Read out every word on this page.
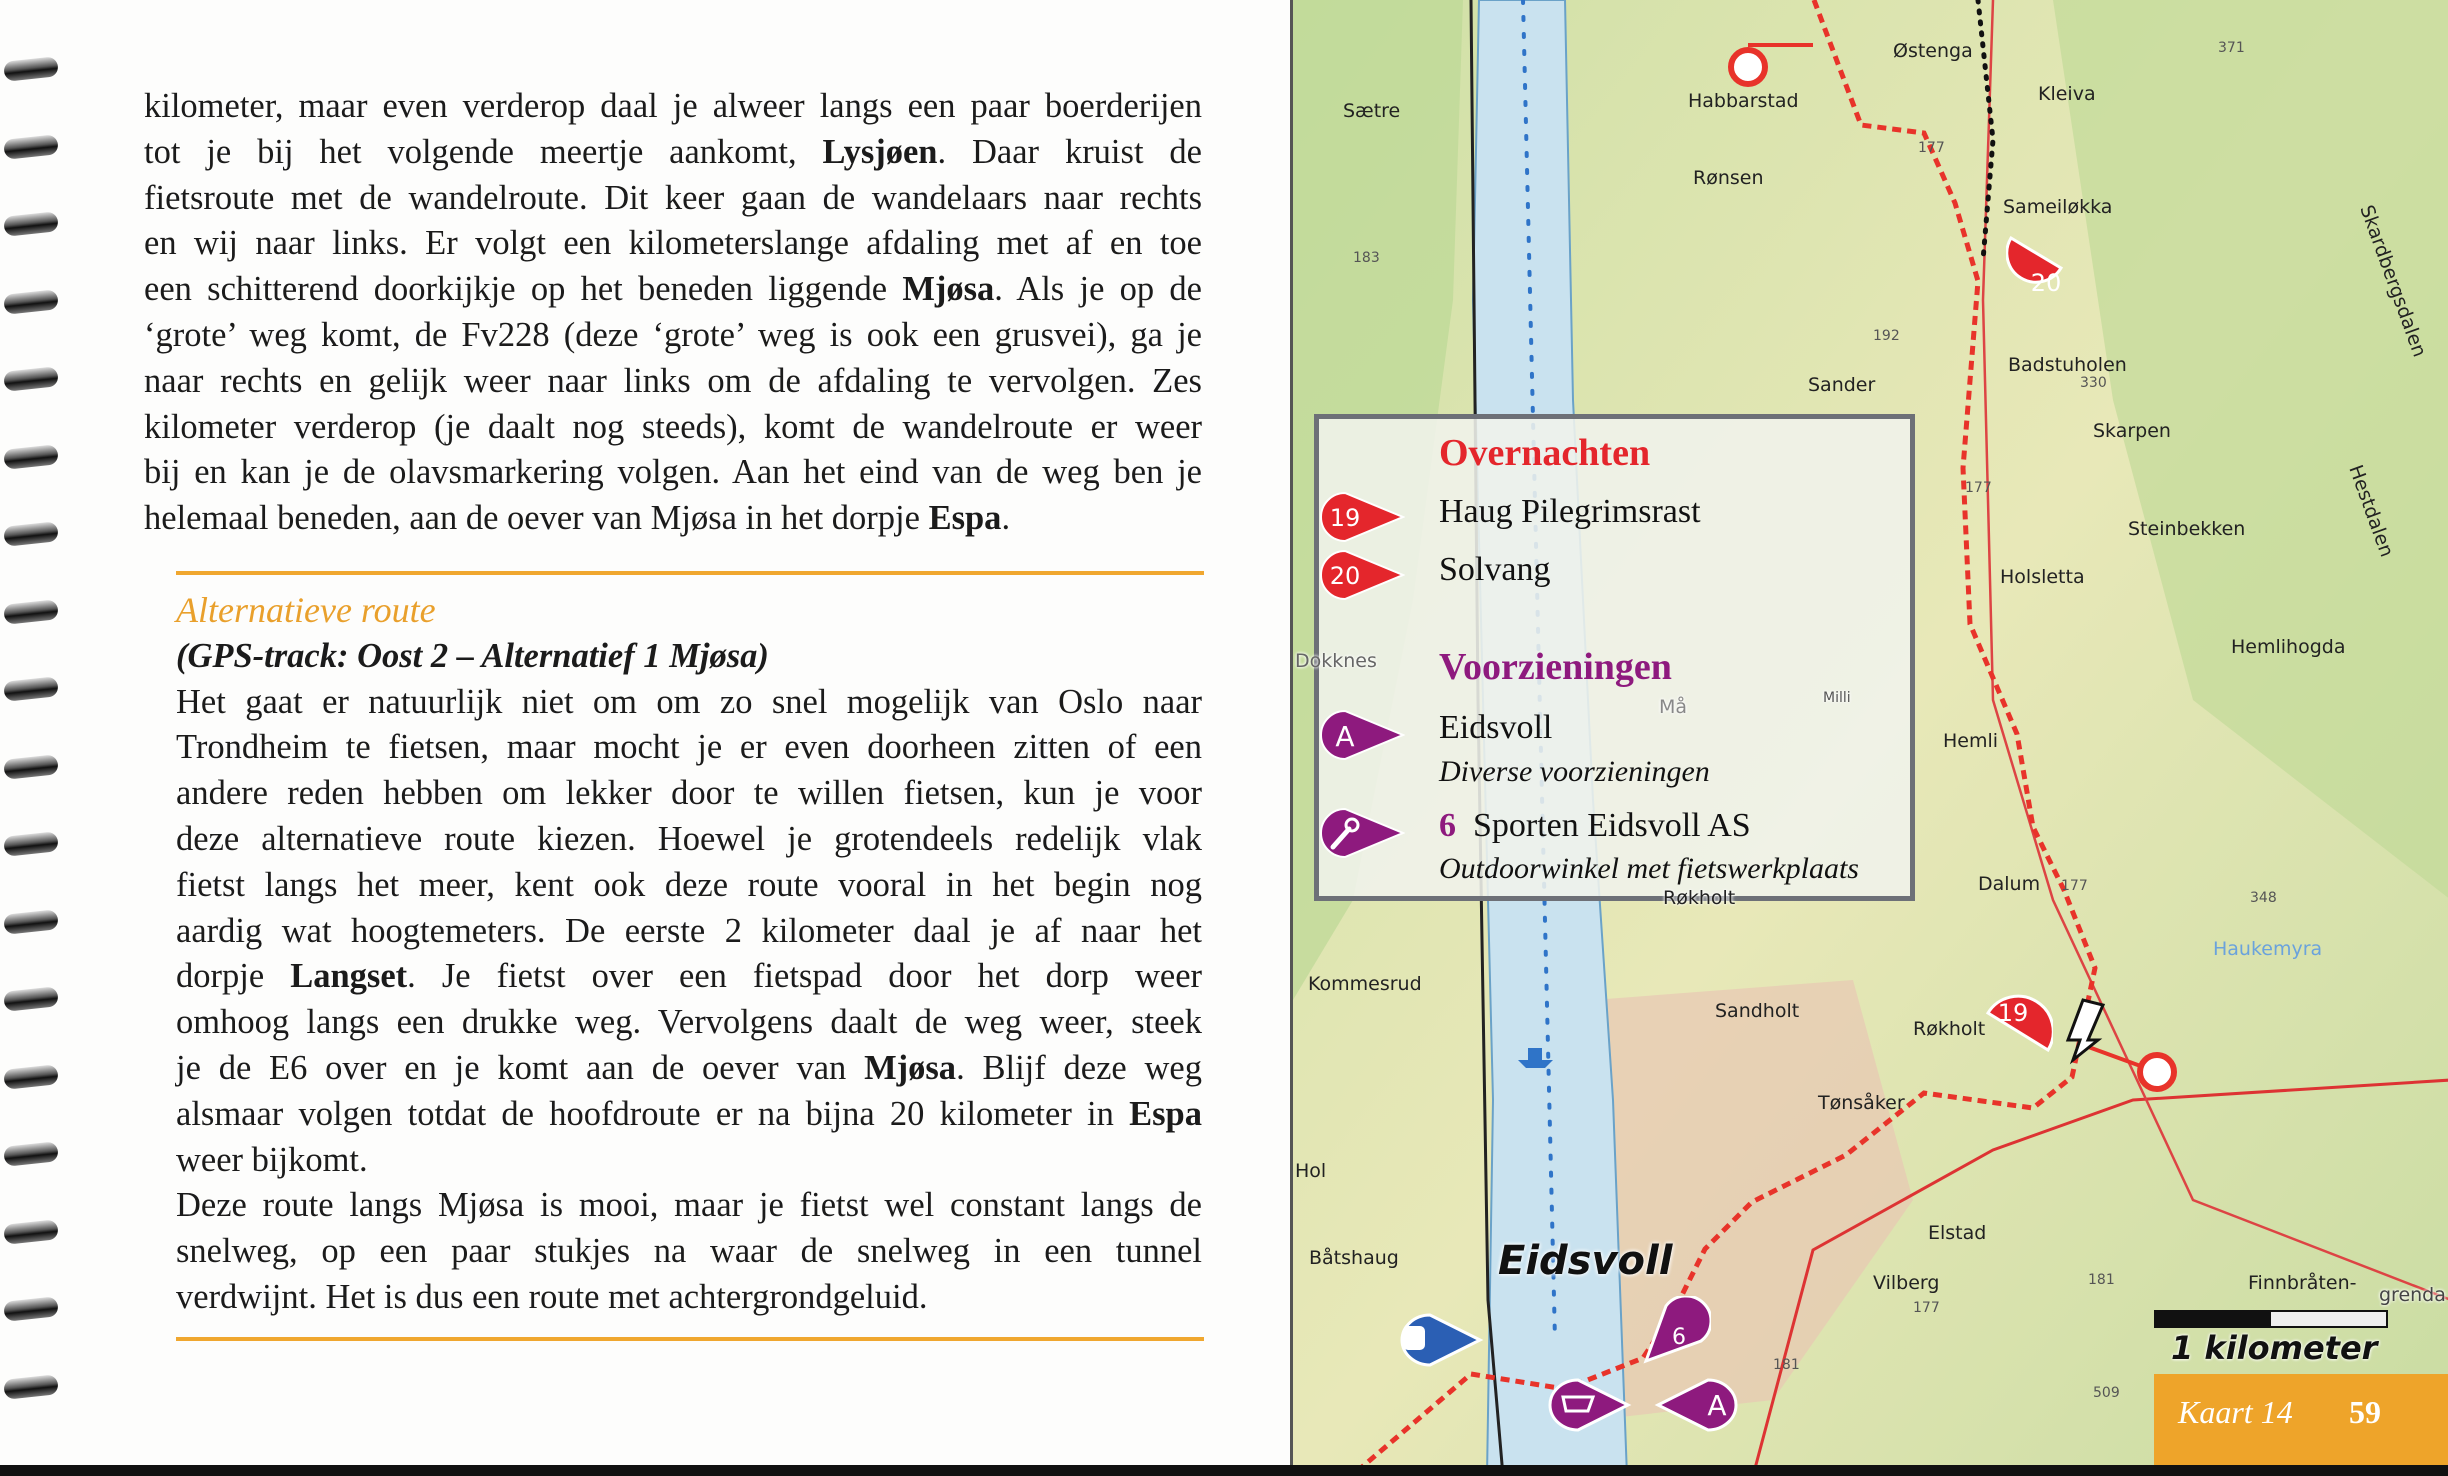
kilometer, maar even verderop daal je alweer langs een paar boerderijen
tot je bij het volgende meertje aankomt, Lysjøen. Daar kruist de
fietsroute met de wandelroute. Dit keer gaan de wandelaars naar rechts
en wij naar links. Er volgt een kilometerslange afdaling met af en toe
een schitterend doorkijkje op het beneden liggende Mjøsa. Als je op de
‘grote’ weg komt, de Fv228 (deze ‘grote’ weg is ook een grusvei), ga je
naar rechts en gelijk weer naar links om de afdaling te vervolgen. Zes
kilometer verderop (je daalt nog steeds), komt de wandelroute er weer
bij en kan je de olavsmarkering volgen. Aan het eind van de weg ben je
helemaal beneden, aan de oever van Mjøsa in het dorpje Espa.
Alternatieve route
(GPS-track: Oost 2 – Alternatief 1 Mjøsa)
Het gaat er natuurlijk niet om om zo snel mogelijk van Oslo naar
Trondheim te fietsen, maar mocht je er even doorheen zitten of een
andere reden hebben om lekker door te willen fietsen, kun je voor
deze alternatieve route kiezen. Hoewel je grotendeels redelijk vlak
fietst langs het meer, kent ook deze route vooral in het begin nog
aardig wat hoogtemeters. De eerste 2 kilometer daal je af naar het
dorpje Langset. Je fietst over een fietspad door het dorp weer
omhoog langs een drukke weg. Vervolgens daalt de weg weer, steek
je de E6 over en je komt aan de oever van Mjøsa. Blijf deze weg
alsmaar volgen totdat de hoofdroute er na bijna 20 kilometer in Espa
weer bijkomt.
Deze route langs Mjøsa is mooi, maar je fietst wel constant langs de
snelweg, op een paar stukjes na waar de snelweg in een tunnel
verdwijnt. Het is dus een route met achtergrondgeluid.
Sætre	Habbarstad
Østenga
Kleiva
Rønsen
Sameiløkka
Badstuholen
Sander
Skarpen
Steinbekken
Holsletta
Hemlihogda
Hemli
Dalum
Kommesrud
Sandholt
Røkholt
Tønsåker
Elstad
Båtshaug
Vilberg	Finnbråten-
grenda
Haukemyra
Skardbergsdalen
Hestdalen
Dokknes
Hol
Må	Milli
Røkholt
177
177
177
177
192
181
181
509
183
371
330
348
Eidsvoll
20
19
6
A
Overnachten
19 Haug Pilegrimsrast
20 Solvang
Voorzieningen
A Eidsvoll
Diverse voorzieningen
6 Sporten Eidsvoll AS
Outdoorwinkel met fietswerkplaats
1 kilometer
Kaart 14 59
